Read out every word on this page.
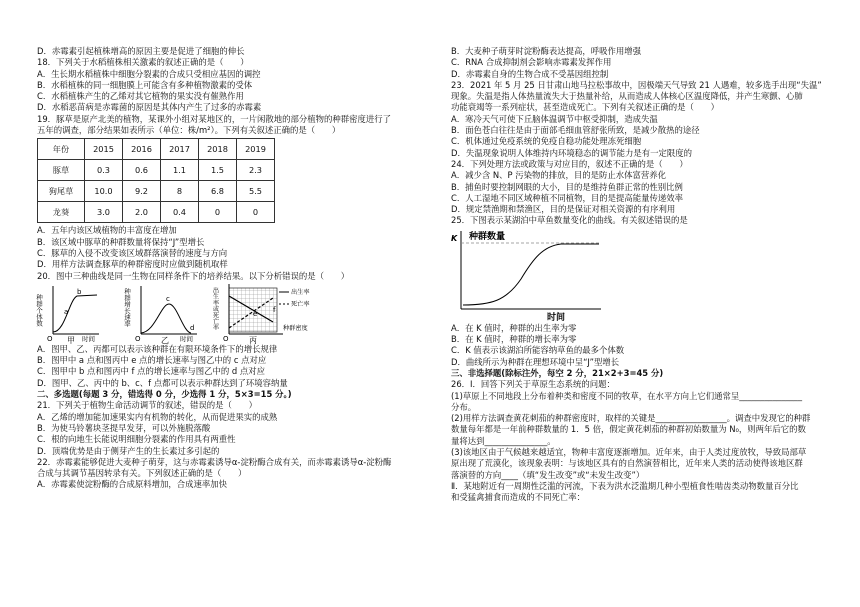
D．赤霉素引起植株增高的原因主要是促进了细胞的伸长
18．下列关于水稻植株相关激素的叙述正确的是（　　）
A．生长期水稻植株中细胞分裂素的合成只受相应基因的调控
B．水稻植株的同一细胞膜上可能含有多种植物激素的受体
C．水稻植株产生的乙烯对其它植物的果实没有催熟作用
D．水稻恶苗病是赤霉菌的原因是其体内产生了过多的赤霉素
19．豚草是原产北美的植物，某课外小组对某地区的，一片闲散地的部分植物的种群密度进行了
五年的调查，部分结果如表所示（单位：株/m²）。下列有关叙述正确的是（　　）
年份	2015	2016	2017	2018	2019
豚草	0.3	0.6	1.1	1.5	2.3
狗尾草	10.0	9.2	8	6.8	5.5
龙葵	3.0	2.0	0.4	0	0
A．五年内该区域植物的丰富度在增加
B．该区域中豚草的种群数量将保持“J”型增长
C．豚草的入侵不改变该区域群落演替的速度与方向
D．用样方法调查豚草的种群密度时应做到随机取样
20．图中三种曲线是同一生物在同样条件下的培养结果。以下分析错误的是（　　）
种群个体数
O	时间
a
b
甲
种群增长速率
O	时间
c
d
乙
出生率或死亡率
O
种群密度
出生率
死亡率
e f
丙
A．图甲、乙、丙都可以表示该种群在有限环境条件下的增长规律
B．图甲中 a 点和图丙中 e 点的增长速率与图乙中的 c 点对应
C．图甲中 b 点和图丙中 f 点的增长速率与图乙中的 d 点对应
D．图甲、乙、丙中的 b、c、f 点都可以表示种群达到了环境容纳量
二、多选题(每题 3 分，错选得 0 分，少选得 1 分，5×3=15 分。)
21．下列关于植物生命活动调节的叙述，错误的是（　　）
A．乙烯的增加能加速果实内有机物的转化，从而促进果实的成熟
B．为使马铃薯块茎提早发芽，可以外施脱落酸
C．根的向地生长能说明细胞分裂素的作用具有两重性
D．顶端优势是由于侧芽产生的生长素过多引起的
22．赤霉素能够促进大麦种子萌芽，这与赤霉素诱导α-淀粉酶合成有关，而赤霉素诱导α-淀粉酶
合成与其调节基因转录有关。下列叙述正确的是（　　）
A．赤霉素使淀粉酶的合成原料增加，合成速率加快
B．大麦种子萌芽时淀粉酶表达提高，呼吸作用增强
C．RNA 合成抑制剂会影响赤霉素发挥作用
D．赤霉素自身的生物合成不受基因组控制
23．2021 年 5 月 25 日甘肃山地马拉松事故中，因极端天气导致 21 人遇难，较多选手出现“失温”
现象。失温是指人体热量流失大于热量补给，从而造成人体核心区温度降低，并产生寒颤、心肺
功能衰竭等一系列症状，甚至造成死亡。下列有关叙述正确的是（　　）
A．寒冷天气可使下丘脑体温调节中枢受抑制，造成失温
B．面色苍白往往是由于面部毛细血管舒张所致，是减少散热的途径
C．机体通过免疫系统的免疫自稳功能处理冻死细胞
D．失温现象说明人体维持内环境稳态的调节能力是有一定限度的
24．下列处理方法或政策与对应目的，叙述不正确的是（　　）
A．减少含 N、P 污染物的排放，目的是防止水体富营养化
B．捕鱼时要控制网眼的大小，目的是维持鱼群正常的性别比例
C．人工湿地不同区域种植不同植物，目的是提高能量传递效率
D．规定禁渔期和禁渔区，目的是保证对相关资源的有序利用
25．下图表示某湖泊中草鱼数量变化的曲线。有关叙述错误的是
K 种群数量
时间
A．在 K 值时，种群的出生率为零
B．在 K 值时，种群的增长率为零
C．K 值表示该湖泊所能容纳草鱼的最多个体数
D．曲线所示为种群在理想环境中呈“J”型增长
三、非选择题(除标注外，每空 2 分，21×2+3=45 分)
26．Ⅰ．回答下列关于草原生态系统的问题：
(1)草原上不同地段上分布着种类和密度不同的牧草，在水平方向上它们通常呈_______________
分布。
(2)用样方法调查黄花刺茄的种群密度时，取样的关键是_________________。调查中发现它的种群
数量每年都是一年前种群数量的 1．5 倍，假定黄花刺茄的种群初始数量为 N₀，则两年后它的数
量将达到_______________。
(3)该地区由于气候越来越适宜，物种丰富度逐渐增加。近年来，由于人类过度放牧，导致局部草
原出现了荒漠化，该现象表明：与该地区具有的自然演替相比，近年来人类的活动使得该地区群
落演替的方向____（填“发生改变”或“未发生改变”）
Ⅱ．某地附近有一周期性泛滥的河流，下表为洪水泛滥期几种小型植食性啮齿类动物数量百分比
和受猛禽捕食而造成的不同死亡率：
